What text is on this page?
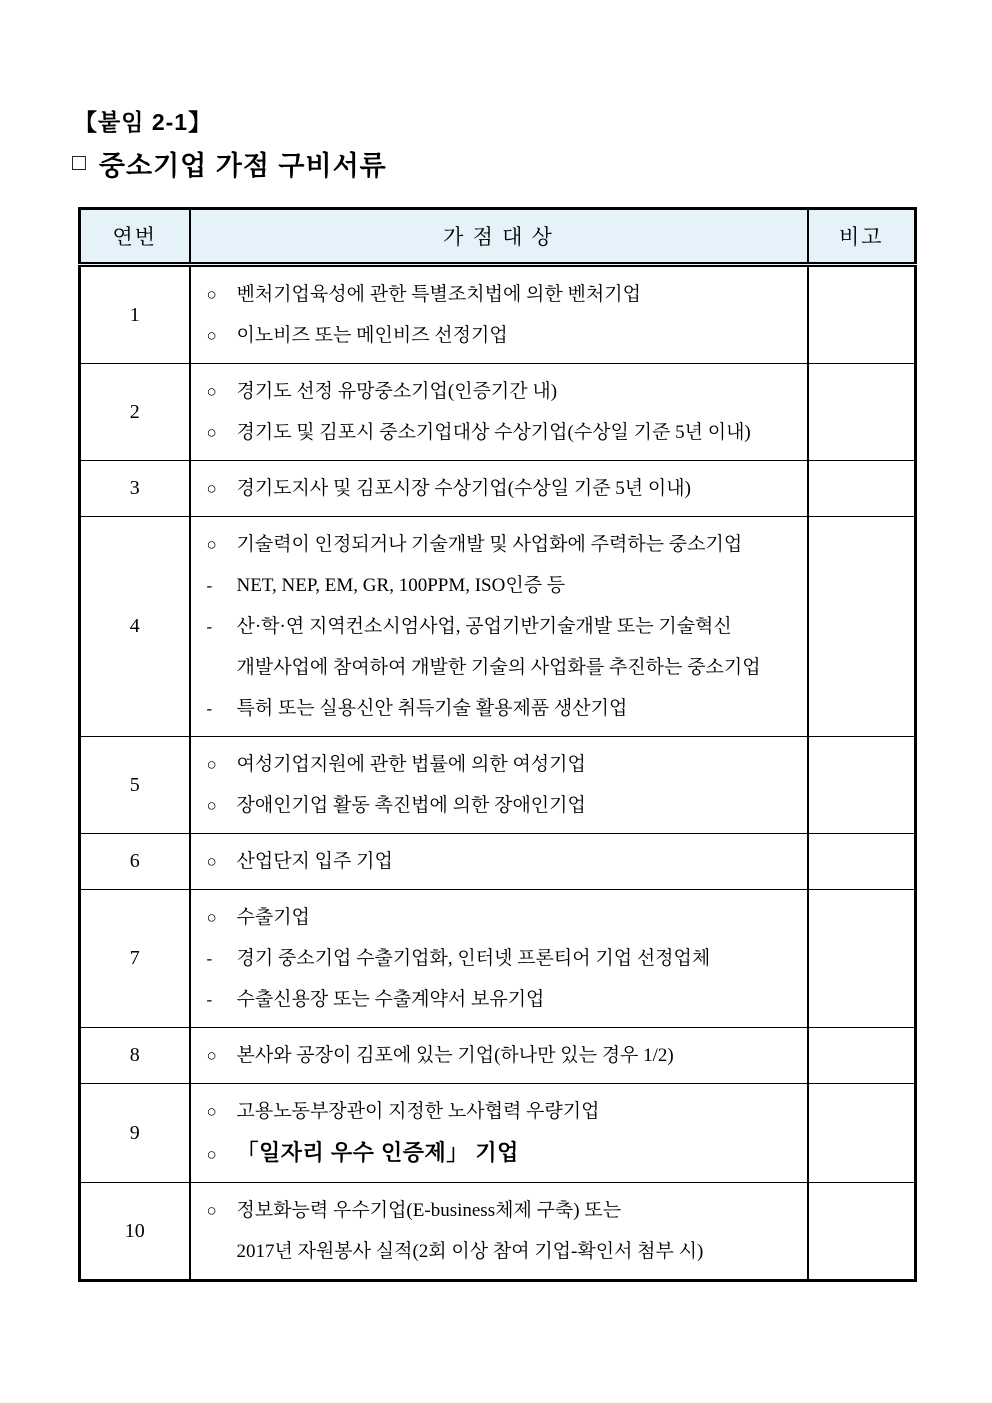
【붙임 2-1】
□ 중소기업 가점 구비서류
연번	가 점 대 상	비고
1	○ 벤처기업육성에 관한 특별조치법에 의한 벤처기업
○ 이노비즈 또는 메인비즈 선정기업	

2	○ 경기도 선정 유망중소기업(인증기간 내)
○ 경기도 및 김포시 중소기업대상 수상기업(수상일 기준 5년 이내)	

3	○ 경기도지사 및 김포시장 수상기업(수상일 기준 5년 이내)	

4	
○	기술력이 인정되거나 기술개발 및 사업화에 주력하는 중소기업
-	NET, NEP, EM, GR, 100PPM, ISO인증 등
-	산·학·연 지역컨소시엄사업, 공업기반기술개발 또는 기술혁신
개발사업에 참여하여 개발한 기술의 사업화를 추진하는 중소기업
-	특허 또는 실용신안 취득기술 활용제품 생산기업

5	○ 여성기업지원에 관한 법률에 의한 여성기업
○ 장애인기업 활동 촉진법에 의한 장애인기업	

6	○ 산업단지 입주 기업	

7	
○	수출기업
-	경기 중소기업 수출기업화, 인터넷 프론티어 기업 선정업체
-	수출신용장 또는 수출계약서 보유기업

8	○ 본사와 공장이 김포에 있는 기업(하나만 있는 경우 1/2)	

9	○ 고용노동부장관이 지정한 노사협력 우량기업
○ 「일자리 우수 인증제」 기업	

10	○ 정보화능력 우수기업(E-business체제 구축) 또는
2017년 자원봉사 실적(2회 이상 참여 기업-확인서 첨부 시)	
